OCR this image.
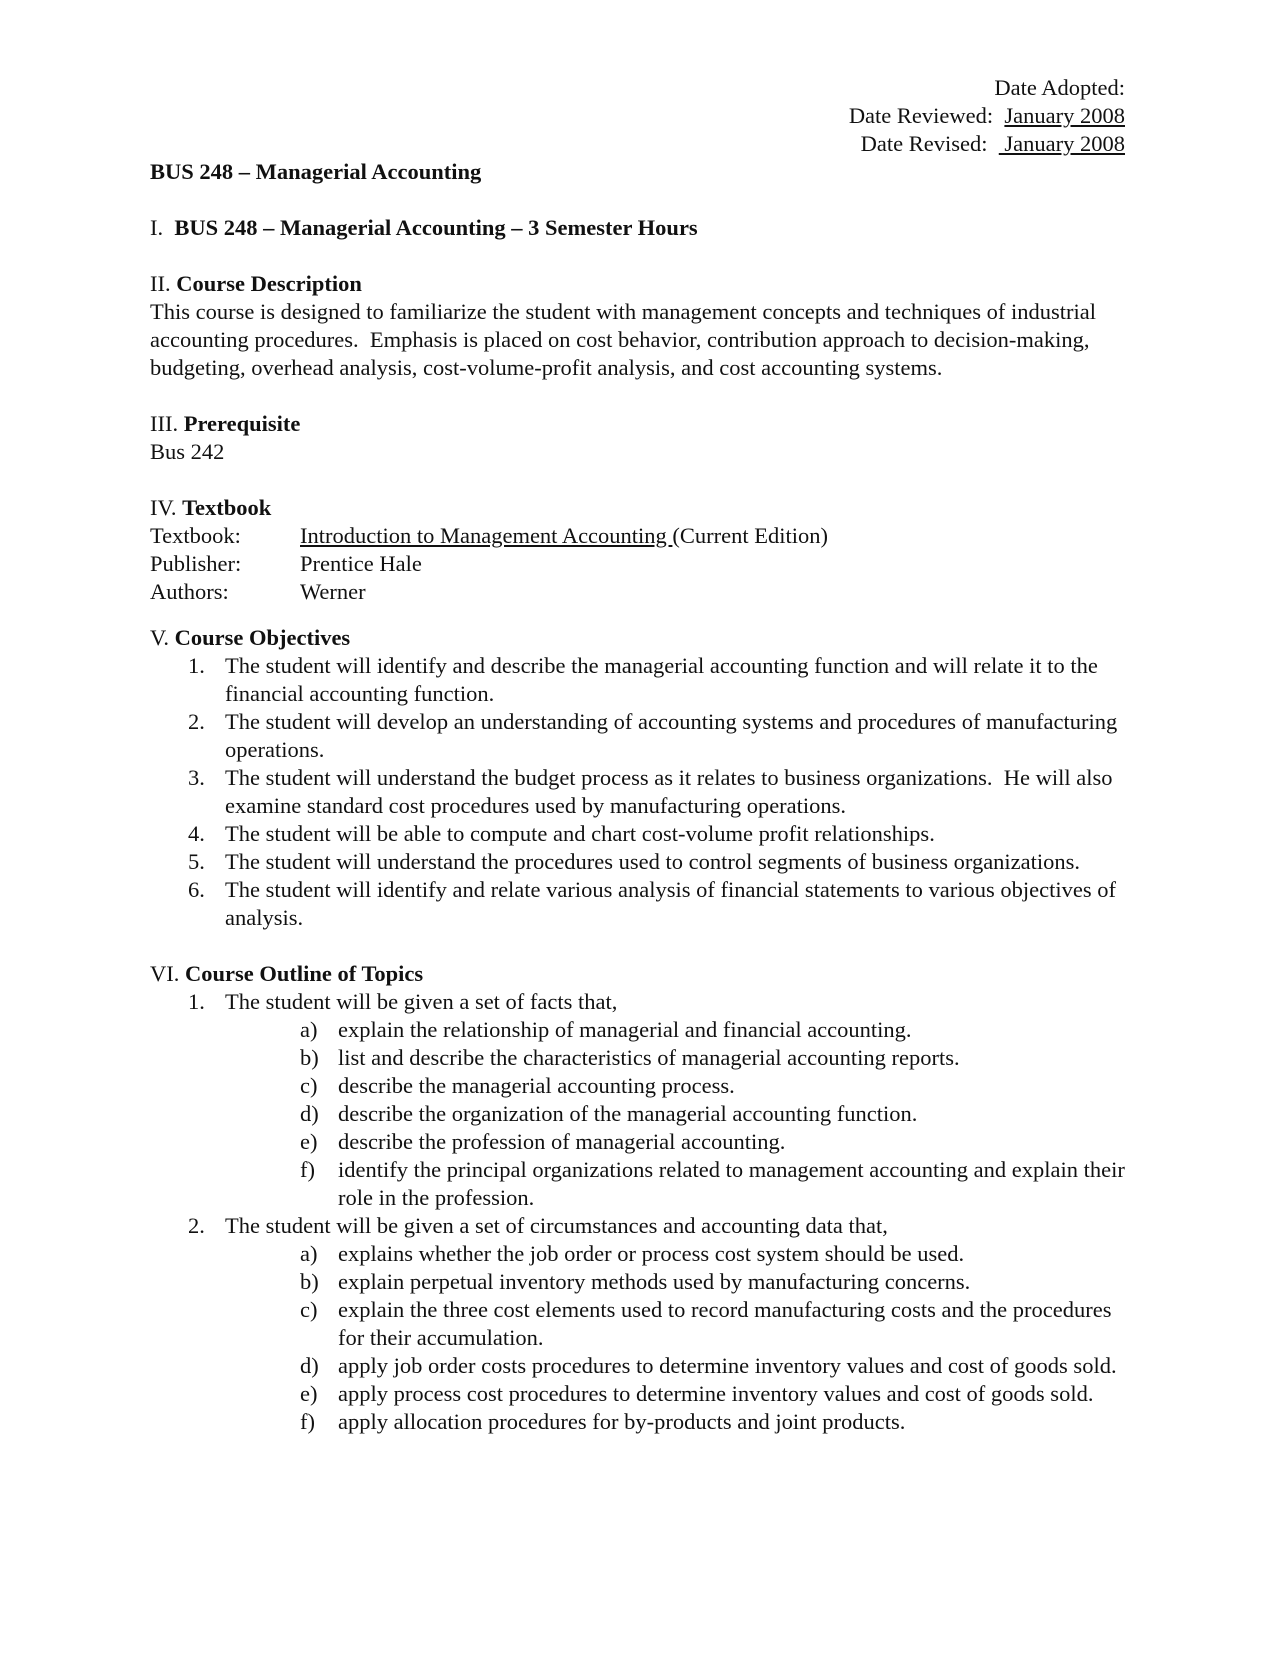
Date Adopted:
Date Reviewed: January 2008
Date Revised:   January 2008
BUS 248 – Managerial Accounting
I. BUS 248 – Managerial Accounting – 3 Semester Hours
II. Course Description
This course is designed to familiarize the student with management concepts and techniques of industrial accounting procedures.  Emphasis is placed on cost behavior, contribution approach to decision-making, budgeting, overhead analysis, cost-volume-profit analysis, and cost accounting systems.
III. Prerequisite
Bus 242
IV. Textbook
Textbook:	Introduction to Management Accounting (Current Edition)
Publisher:	Prentice Hale
Authors:	Werner
V. Course Objectives
1. The student will identify and describe the managerial accounting function and will relate it to the financial accounting function.
2. The student will develop an understanding of accounting systems and procedures of manufacturing operations.
3. The student will understand the budget process as it relates to business organizations.  He will also examine standard cost procedures used by manufacturing operations.
4. The student will be able to compute and chart cost-volume profit relationships.
5. The student will understand the procedures used to control segments of business organizations.
6. The student will identify and relate various analysis of financial statements to various objectives of analysis.
VI. Course Outline of Topics
1. The student will be given a set of facts that,
a) explain the relationship of managerial and financial accounting.
b) list and describe the characteristics of managerial accounting reports.
c) describe the managerial accounting process.
d) describe the organization of the managerial accounting function.
e) describe the profession of managerial accounting.
f) identify the principal organizations related to management accounting and explain their role in the profession.
2. The student will be given a set of circumstances and accounting data that,
a) explains whether the job order or process cost system should be used.
b) explain perpetual inventory methods used by manufacturing concerns.
c) explain the three cost elements used to record manufacturing costs and the procedures for their accumulation.
d) apply job order costs procedures to determine inventory values and cost of goods sold.
e) apply process cost procedures to determine inventory values and cost of goods sold.
f) apply allocation procedures for by-products and joint products.
